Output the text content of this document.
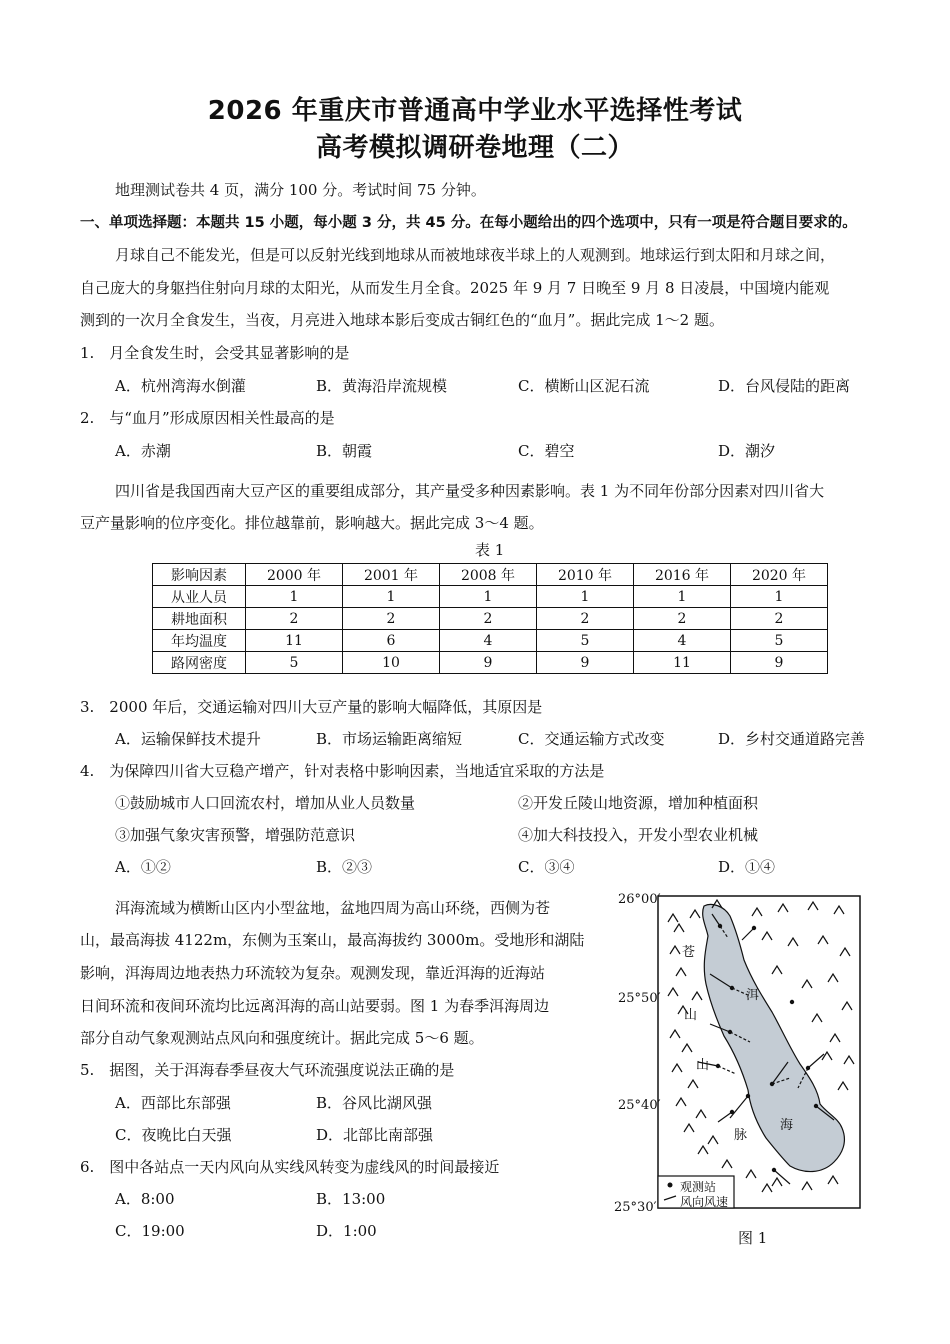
2026 年重庆市普通高中学业水平选择性考试
高考模拟调研卷地理（二）
地理测试卷共 4 页，满分 100 分。考试时间 75 分钟。
一、单项选择题：本题共 15 小题，每小题 3 分，共 45 分。在每小题给出的四个选项中，只有一项是符合题目要求的。
月球自己不能发光，但是可以反射光线到地球从而被地球夜半球上的人观测到。地球运行到太阳和月球之间，
自己庞大的身躯挡住射向月球的太阳光，从而发生月全食。2025 年 9 月 7 日晚至 9 月 8 日凌晨，中国境内能观
测到的一次月全食发生，当夜，月亮进入地球本影后变成古铜红色的“血月”。据此完成 1～2 题。
1.　月全食发生时，会受其显著影响的是
A．杭州湾海水倒灌	B．黄海沿岸流规模	C．横断山区泥石流	D．台风侵陆的距离
2.　与“血月”形成原因相关性最高的是
A．赤潮	B．朝霞	C．碧空	D．潮汐
四川省是我国西南大豆产区的重要组成部分，其产量受多种因素影响。表 1 为不同年份部分因素对四川省大
豆产量影响的位序变化。排位越靠前，影响越大。据此完成 3～4 题。
表 1
影响因素	2000 年	2001 年	2008 年	2010 年	2016 年	2020 年
从业人员	1	1	1	1	1	1
耕地面积	2	2	2	2	2	2
年均温度	11	6	4	5	4	5
路网密度	5	10	9	9	11	9
3.　2000 年后，交通运输对四川大豆产量的影响大幅降低，其原因是
A．运输保鲜技术提升	B．市场运输距离缩短	C．交通运输方式改变	D．乡村交通道路完善
4.　为保障四川省大豆稳产增产，针对表格中影响因素，当地适宜采取的方法是
①鼓励城市人口回流农村，增加从业人员数量	②开发丘陵山地资源，增加种植面积
③加强气象灾害预警，增强防范意识	④加大科技投入，开发小型农业机械
A．①②	B．②③	C．③④	D．①④
洱海流域为横断山区内小型盆地，盆地四周为高山环绕，西侧为苍
山，最高海拔 4122m，东侧为玉案山，最高海拔约 3000m。受地形和湖陆
影响，洱海周边地表热力环流较为复杂。观测发现，靠近洱海的近海站
日间环流和夜间环流均比远离洱海的高山站要弱。图 1 为春季洱海周边
部分自动气象观测站点风向和强度统计。据此完成 5～6 题。
5.　据图，关于洱海春季昼夜大气环流强度说法正确的是
A．西部比东部强	B．谷风比湖风强
C．夜晚比白天强	D．北部比南部强
6.　图中各站点一天内风向从实线风转变为虚线风的时间最接近
A．8:00	B．13:00
C．19:00	D．1:00
26°00′
25°50′
25°40′
25°30′
苍
山
山
脉
洱
海
观测站
风向风速
图 1
